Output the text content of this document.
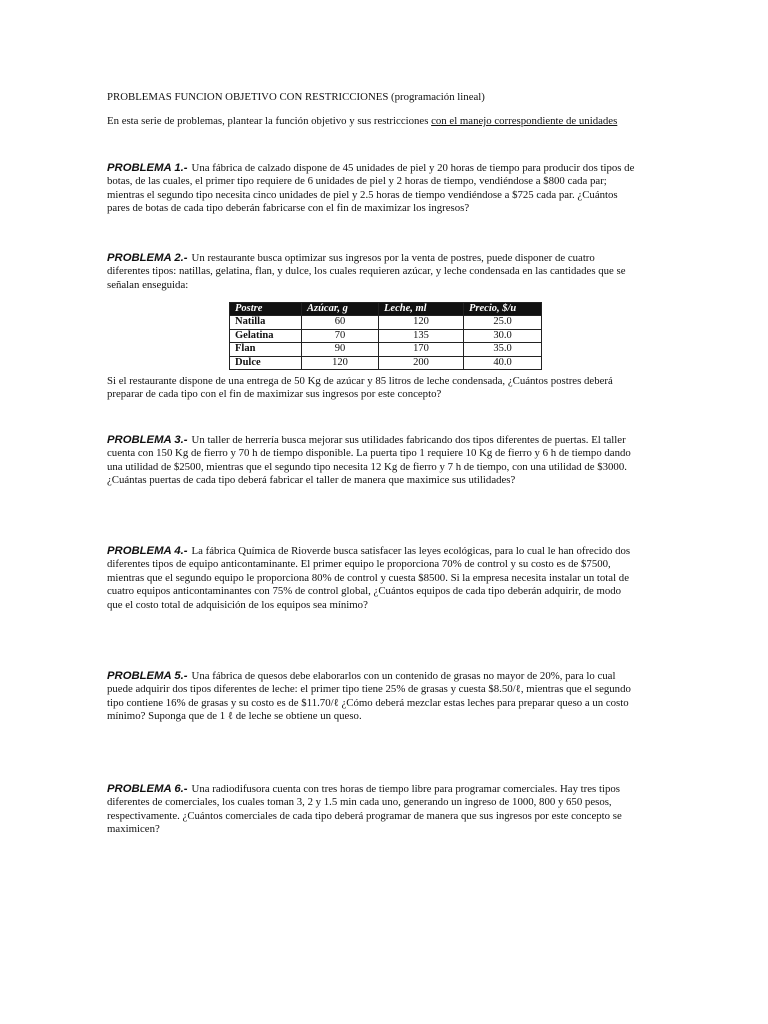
PROBLEMAS FUNCION OBJETIVO CON RESTRICCIONES (programación lineal)
En esta serie de problemas, plantear la función objetivo y sus restricciones con el manejo correspondiente de unidades
PROBLEMA 1.- Una fábrica de calzado dispone de 45 unidades de piel y 20 horas de tiempo para producir dos tipos de
botas, de las cuales, el primer tipo requiere de 6 unidades de piel y 2 horas de tiempo, vendiéndose a $800 cada par;
mientras el segundo tipo necesita cinco unidades de piel y 2.5 horas de tiempo vendiéndose a $725 cada par. ¿Cuántos
pares de botas de cada tipo deberán fabricarse con el fin de maximizar los ingresos?
PROBLEMA 2.- Un restaurante busca optimizar sus ingresos por la venta de postres, puede disponer de cuatro
diferentes tipos: natillas, gelatina, flan, y dulce, los cuales requieren azúcar, y leche condensada en las cantidades que se
señalan enseguida:
Postre	Azúcar, g	Leche, ml	Precio, $/u
Natilla	60	120	25.0
Gelatina	70	135	30.0
Flan	90	170	35.0
Dulce	120	200	40.0
Si el restaurante dispone de una entrega de 50 Kg de azúcar y 85 litros de leche condensada, ¿Cuántos postres deberá
preparar de cada tipo con el fin de maximizar sus ingresos por este concepto?
PROBLEMA 3.- Un taller de herrería busca mejorar sus utilidades fabricando dos tipos diferentes de puertas. El taller
cuenta con 150 Kg de fierro y 70 h de tiempo disponible. La puerta tipo 1 requiere 10 Kg de fierro y 6 h de tiempo dando
una utilidad de $2500, mientras que el segundo tipo necesita 12 Kg de fierro y 7 h de tiempo, con una utilidad de $3000.
¿Cuántas puertas de cada tipo deberá fabricar el taller de manera que maximice sus utilidades?
PROBLEMA 4.- La fábrica Química de Rioverde busca satisfacer las leyes ecológicas, para lo cual le han ofrecido dos
diferentes tipos de equipo anticontaminante. El primer equipo le proporciona 70% de control y su costo es de $7500,
mientras que el segundo equipo le proporciona 80% de control y cuesta $8500. Si la empresa necesita instalar un total de
cuatro equipos anticontaminantes con 75% de control global, ¿Cuántos equipos de cada tipo deberán adquirir, de modo
que el costo total de adquisición de los equipos sea mínimo?
PROBLEMA 5.- Una fábrica de quesos debe elaborarlos con un contenido de grasas no mayor de 20%, para lo cual
puede adquirir dos tipos diferentes de leche: el primer tipo tiene 25% de grasas y cuesta $8.50/ℓ, mientras que el segundo
tipo contiene 16% de grasas y su costo es de $11.70/ℓ ¿Cómo deberá mezclar estas leches para preparar queso a un costo
mínimo? Suponga que de 1 ℓ de leche se obtiene un queso.
PROBLEMA 6.- Una radiodifusora cuenta con tres horas de tiempo libre para programar comerciales. Hay tres tipos
diferentes de comerciales, los cuales toman 3, 2 y 1.5 min cada uno, generando un ingreso de 1000, 800 y 650 pesos,
respectivamente. ¿Cuántos comerciales de cada tipo deberá programar de manera que sus ingresos por este concepto se
maximicen?
